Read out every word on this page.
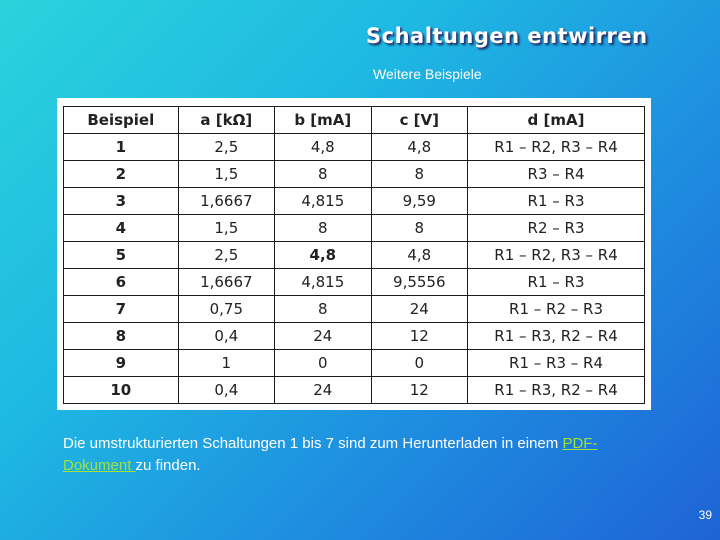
Schaltungen entwirren
Weitere Beispiele
Beispiel	a [kΩ]	b [mA]	c [V]	d [mA]
1	2,5	4,8	4,8	R1 – R2, R3 – R4
2	1,5	8	8	R3 – R4
3	1,6667	4,815	9,59	R1 – R3
4	1,5	8	8	R2 – R3
5	2,5	4,8	4,8	R1 – R2, R3 – R4
6	1,6667	4,815	9,5556	R1 – R3
7	0,75	8	24	R1 – R2 – R3
8	0,4	24	12	R1 – R3, R2 – R4
9	1	0	0	R1 – R3 – R4
10	0,4	24	12	R1 – R3, R2 – R4
Die umstrukturierten Schaltungen 1 bis 7 sind zum Herunterladen in einem PDF-Dokument zu finden.
39
